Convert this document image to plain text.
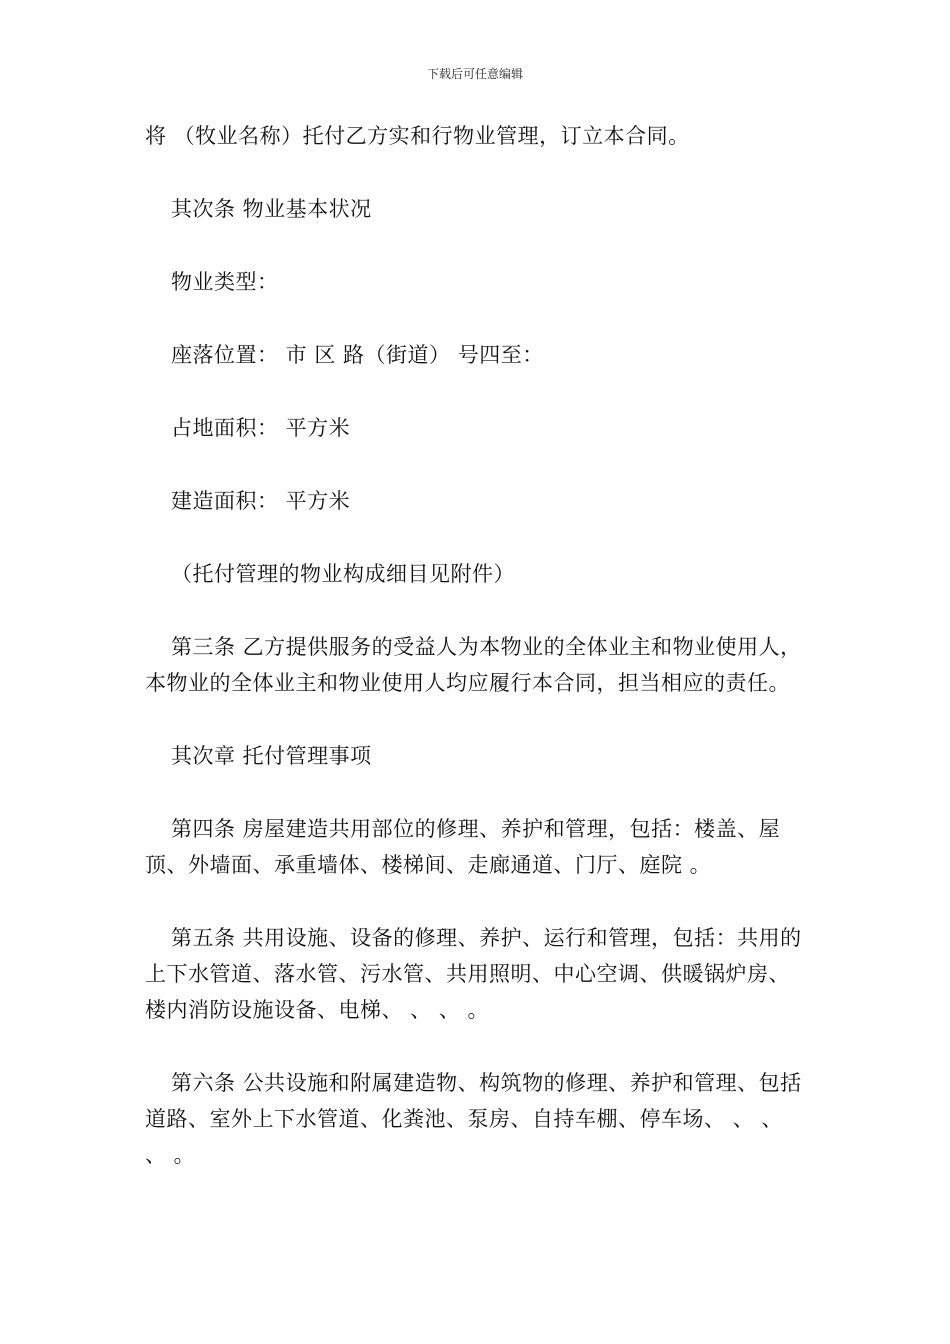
下载后可任意编辑

将 （牧业名称）托付乙方实和行物业管理，订立本合同。

其次条 物业基本状况

物业类型：

座落位置： 市 区 路（街道） 号四至：

占地面积： 平方米

建造面积： 平方米

（托付管理的物业构成细目见附件）

第三条 乙方提供服务的受益人为本物业的全体业主和物业使用人，本物业的全体业主和物业使用人均应履行本合同，担当相应的责任。

其次章 托付管理事项

第四条 房屋建造共用部位的修理、养护和管理，包括：楼盖、屋顶、外墙面、承重墙体、楼梯间、走廊通道、门厅、庭院 。

第五条 共用设施、设备的修理、养护、运行和管理，包括：共用的上下水管道、落水管、污水管、共用照明、中心空调、供暖锅炉房、楼内消防设施设备、电梯、 、 、 。

第六条 公共设施和附属建造物、构筑物的修理、养护和管理、包括道路、室外上下水管道、化粪池、泵房、自持车棚、停车场、 、 、 、 。
